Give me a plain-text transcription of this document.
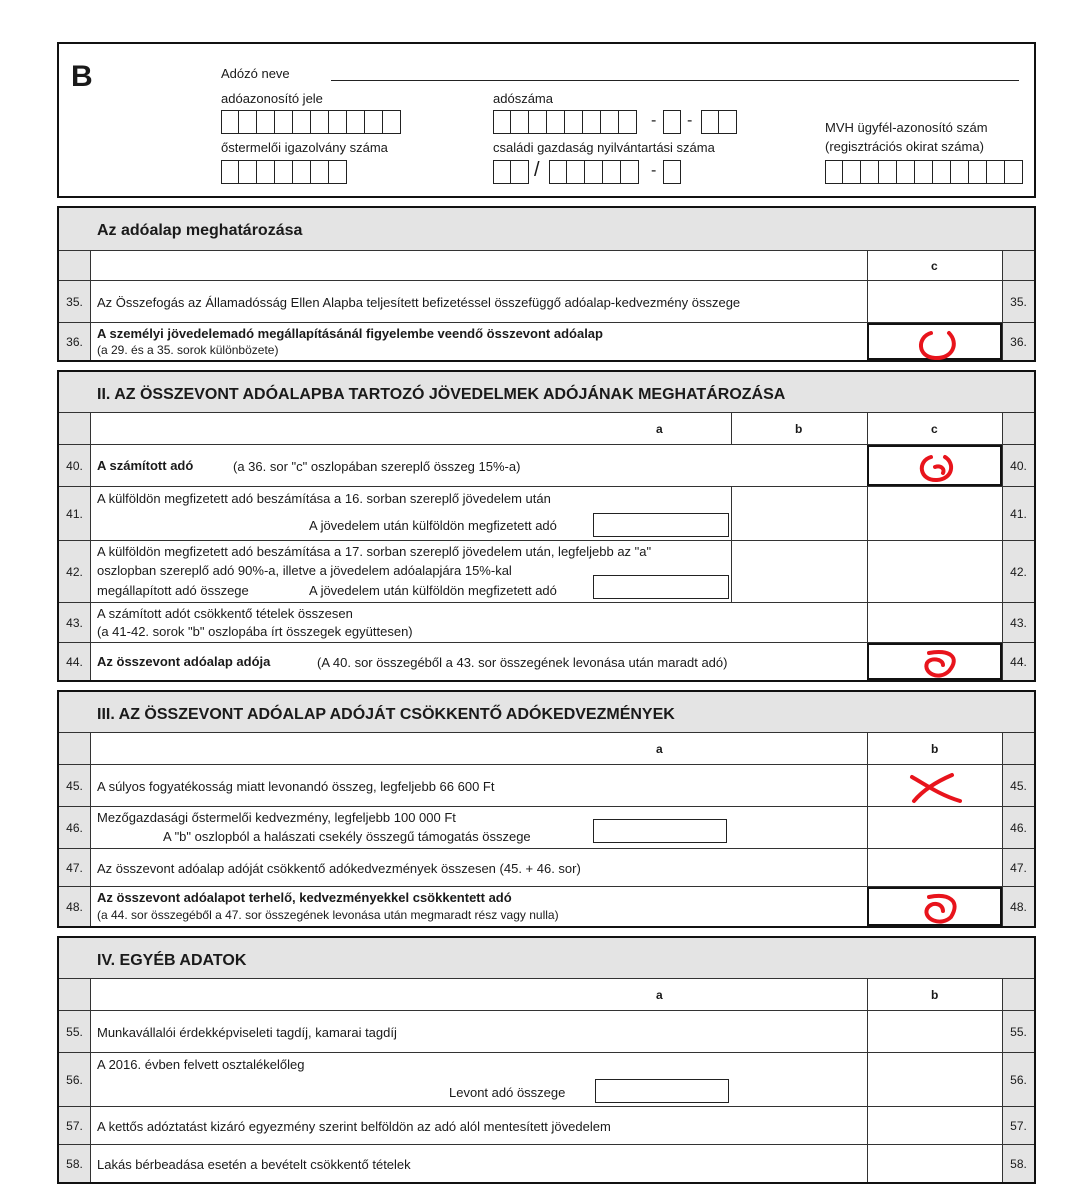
B	Adózó neve
adóazonosító jele	adószáma
- -
őstermelői igazolvány száma	családi gazdaság nyilvántartási száma
/	-
MVH ügyfél-azonosító szám
(regisztrációs okirat száma)
Az adóalap meghatározása
c
35.	Az Összefogás az Államadósság Ellen Alapba teljesített befizetéssel összefüggő adóalap-kedvezmény összege	35.
36.
A személyi jövedelemadó megállapításánál figyelembe veendő összevont adóalap
(a 29. és a 35. sorok különbözete)
36.
II. AZ ÖSSZEVONT ADÓALAPBA TARTOZÓ JÖVEDELMEK ADÓJÁNAK MEGHATÁROZÁSA
a	b	c
40.	A számított adó	(a 36. sor "c" oszlopában szereplő összeg 15%-a)	40.
41.
A külföldön megfizetett adó beszámítása a 16. sorban szereplő jövedelem után
A jövedelem után külföldön megfizetett adó
41.
42.
A külföldön megfizetett adó beszámítása a 17. sorban szereplő jövedelem után, legfeljebb az "a"
oszlopban szereplő adó 90%-a, illetve a jövedelem adóalapjára 15%-kal
megállapított adó összege	A jövedelem után külföldön megfizetett adó
42.
43.
A számított adót csökkentő tételek összesen
(a 41-42. sorok "b" oszlopába írt összegek együttesen)
43.
44.	Az összevont adóalap adója	(A 40. sor összegéből a 43. sor összegének levonása után maradt adó)	44.
III. AZ ÖSSZEVONT ADÓALAP ADÓJÁT CSÖKKENTŐ ADÓKEDVEZMÉNYEK
a	b
45.	A súlyos fogyatékosság miatt levonandó összeg, legfeljebb 66 600 Ft	45.
46.
Mezőgazdasági őstermelői kedvezmény, legfeljebb 100 000 Ft
A "b" oszlopból a halászati csekély összegű támogatás összege
46.
47.	Az összevont adóalap adóját csökkentő adókedvezmények összesen (45. + 46. sor)	47.
48.
Az összevont adóalapot terhelő, kedvezményekkel csökkentett adó
(a 44. sor összegéből a 47. sor összegének levonása után megmaradt rész vagy nulla)
48.
IV. EGYÉB ADATOK
a	b
55.	Munkavállalói érdekképviseleti tagdíj, kamarai tagdíj	55.
56.
A 2016. évben felvett osztalékelőleg
Levont adó összege
56.
57.	A kettős adóztatást kizáró egyezmény szerint belföldön az adó alól mentesített jövedelem	57.
58.	Lakás bérbeadása esetén a bevételt csökkentő tételek	58.
